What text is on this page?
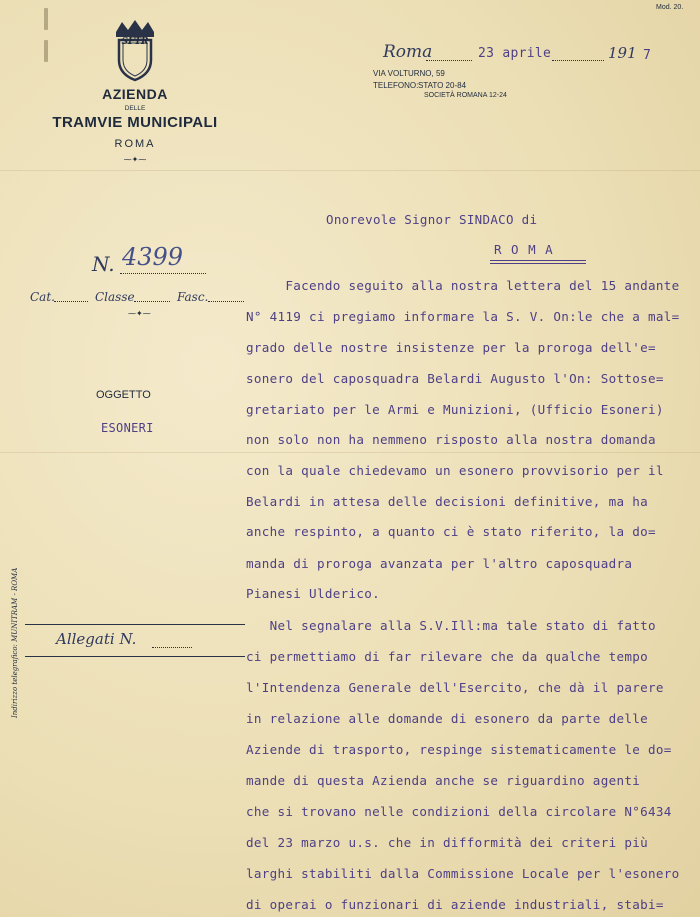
Mod. 20.
SFTR
AZIENDA
DELLE
TRAMVIE MUNICIPALI
ROMA
⁓✦⁓
Roma	23 aprile	191 7
VIA VOLTURNO, 59
TELEFONO: STATO 20-84
SOCIETÀ ROMANA 12-24
N. 4399
Cat.	Classe	Fasc.
⁓✦⁓
OGGETTO
ESONERI
Allegati N.
Indirizzo telegrafico: MUNITRAM - ROMA
Onorevole Signor SINDACO di
R O M A
Facendo seguito alla nostra lettera del 15 andante
N° 4119 ci pregiamo informare la S. V. On:le che a mal=
grado delle nostre insistenze per la proroga dell'e=
sonero del caposquadra Belardi Augusto l'On: Sottose=
gretariato per le Armi e Munizioni, (Ufficio Esoneri)
non solo non ha nemmeno risposto alla nostra domanda
con la quale chiedevamo un esonero provvisorio per il
Belardi in attesa delle decisioni definitive, ma ha
anche respinto, a quanto ci è stato riferito, la do=
manda di proroga avanzata per l'altro caposquadra
Pianesi Ulderico.
Nel segnalare alla S.V.Ill:ma tale stato di fatto
ci permettiamo di far rilevare che da qualche tempo
l'Intendenza Generale dell'Esercito, che dà il parere
in relazione alle domande di esonero da parte delle
Aziende di trasporto, respinge sistematicamente le do=
mande di questa Azienda anche se riguardino agenti
che si trovano nelle condizioni della circolare N°6434
del 23 marzo u.s. che in difformità dei criteri più
larghi stabiliti dalla Commissione Locale per l'esonero
di operai o funzionari di aziende industriali, stabi=
